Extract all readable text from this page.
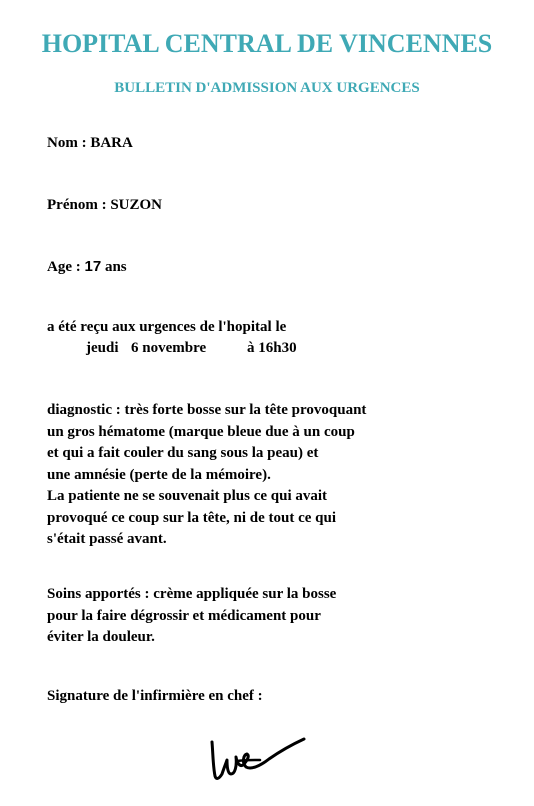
HOPITAL CENTRAL DE VINCENNES
BULLETIN D'ADMISSION AUX URGENCES
Nom : BARA
Prénom : SUZON
Age : 17 ans
a été reçu aux urgences de l'hopital le
jeudi 6 novembre	à 16h30
diagnostic : très forte bosse sur la tête provoquant
un gros hématome (marque bleue due à un coup
et qui a fait couler du sang sous la peau) et
une amnésie (perte de la mémoire).
La patiente ne se souvenait plus ce qui avait
provoqué ce coup sur la tête, ni de tout ce qui
s'était passé avant.
Soins apportés : crème appliquée sur la bosse
pour la faire dégrossir et médicament pour
éviter la douleur.
Signature de l'infirmière en chef :
